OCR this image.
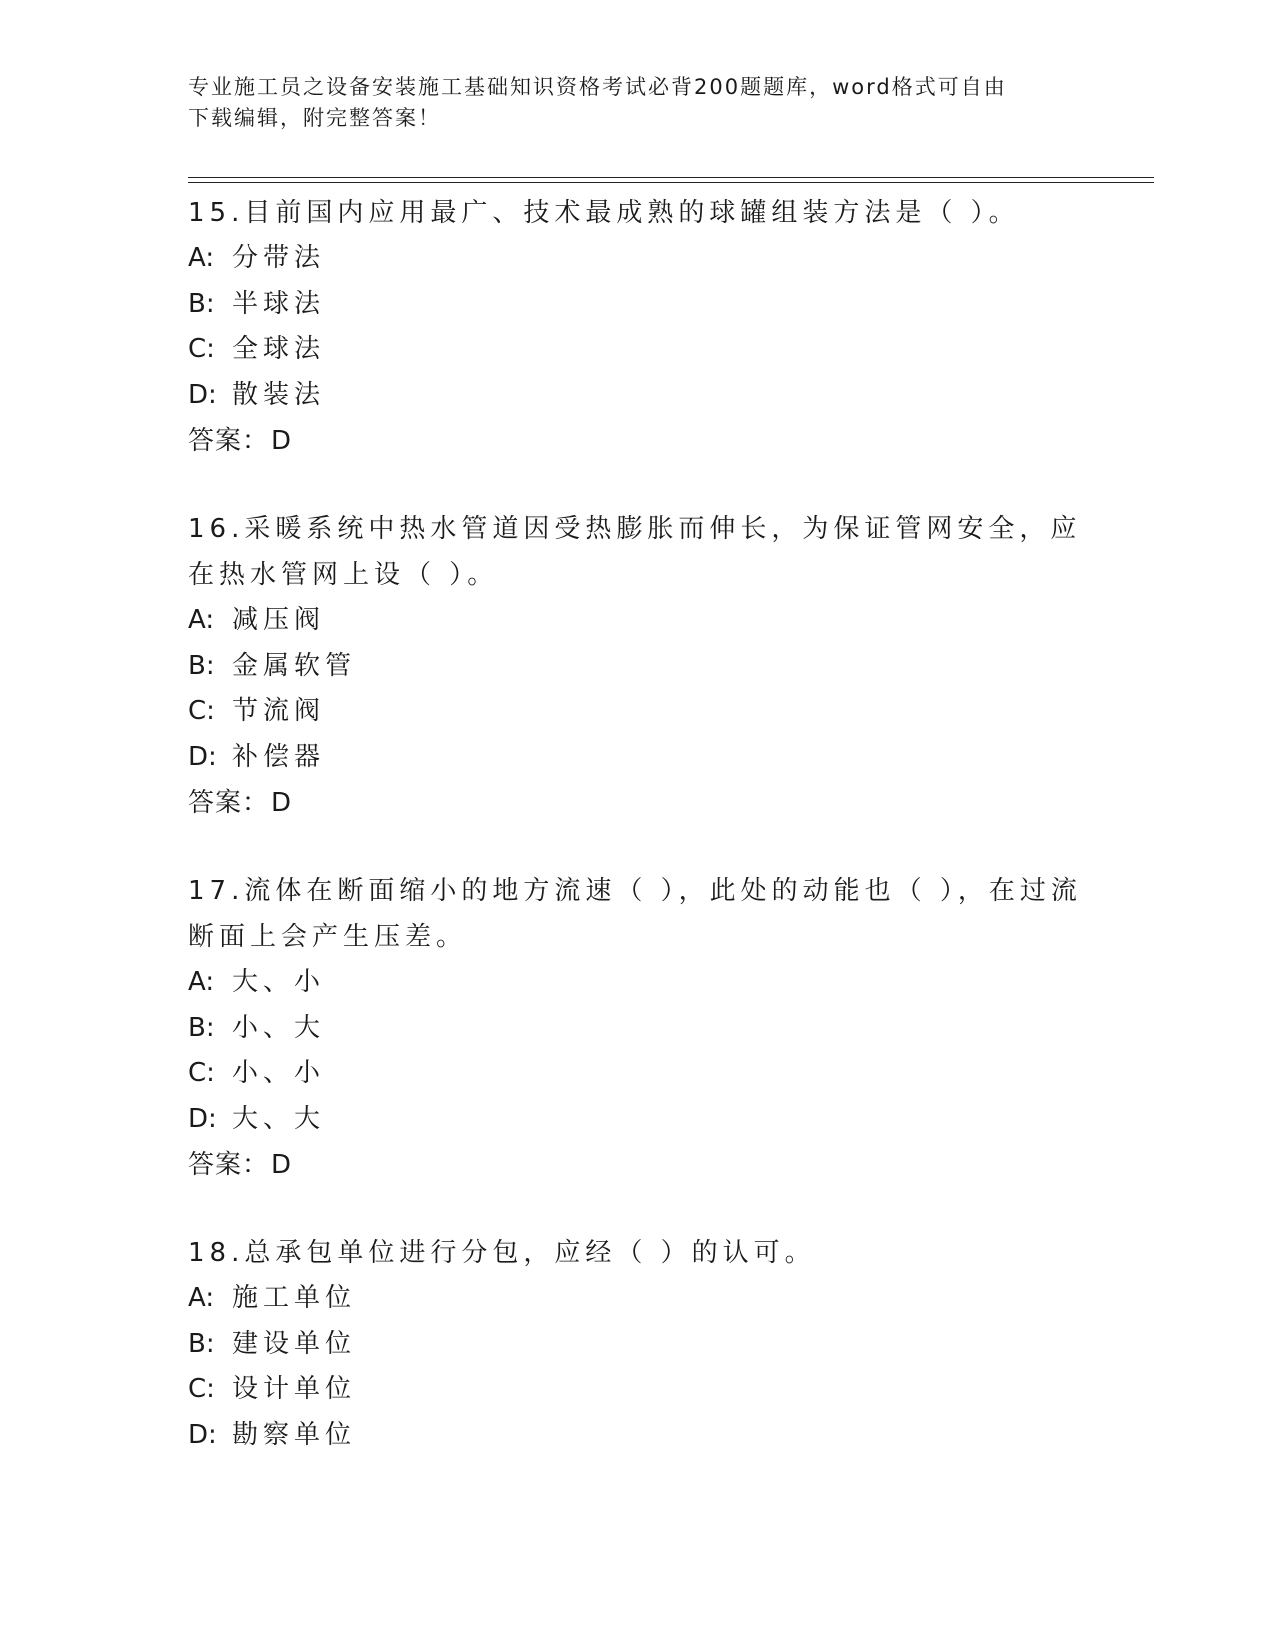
专业施工员之设备安装施工基础知识资格考试必背200题题库，word格式可自由
下载编辑，附完整答案！
15.目前国内应用最广、技术最成熟的球罐组装方法是（ ）。
A: 分带法
B: 半球法
C: 全球法
D: 散装法
答案：D
16.采暖系统中热水管道因受热膨胀而伸长，为保证管网安全，应在热水管网上设（ ）。
A: 减压阀
B: 金属软管
C: 节流阀
D: 补偿器
答案：D
17.流体在断面缩小的地方流速（ ），此处的动能也（ ），在过流断面上会产生压差。
A: 大、小
B: 小、大
C: 小、小
D: 大、大
答案：D
18.总承包单位进行分包，应经（ ）的认可。
A: 施工单位
B: 建设单位
C: 设计单位
D: 勘察单位
